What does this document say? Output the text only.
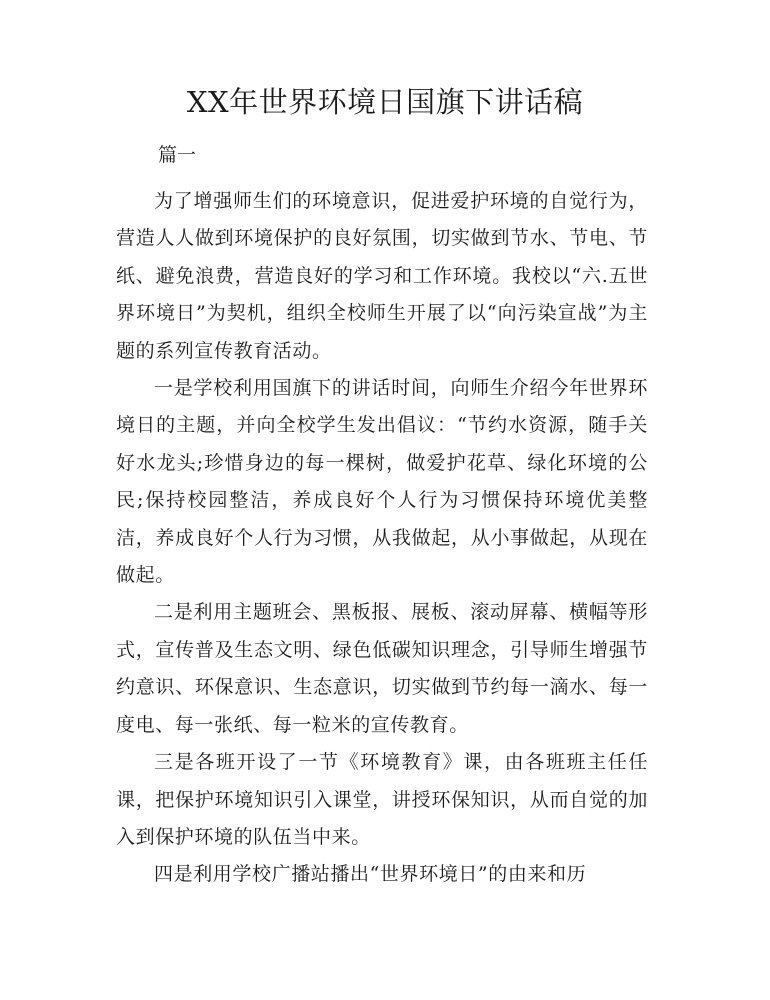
XX年世界环境日国旗下讲话稿

篇一

为了增强师生们的环境意识，促进爱护环境的自觉行为，营造人人做到环境保护的良好氛围，切实做到节水、节电、节纸、避免浪费，营造良好的学习和工作环境。我校以“六.五世界环境日”为契机，组织全校师生开展了以“向污染宣战”为主题的系列宣传教育活动。

一是学校利用国旗下的讲话时间，向师生介绍今年世界环境日的主题，并向全校学生发出倡议：“节约水资源，随手关好水龙头;珍惜身边的每一棵树，做爱护花草、绿化环境的公民;保持校园整洁，养成良好个人行为习惯保持环境优美整洁，养成良好个人行为习惯，从我做起，从小事做起，从现在做起。

二是利用主题班会、黑板报、展板、滚动屏幕、横幅等形式，宣传普及生态文明、绿色低碳知识理念，引导师生增强节约意识、环保意识、生态意识，切实做到节约每一滴水、每一度电、每一张纸、每一粒米的宣传教育。

三是各班开设了一节《环境教育》课，由各班班主任任课，把保护环境知识引入课堂，讲授环保知识，从而自觉的加入到保护环境的队伍当中来。

四是利用学校广播站播出“世界环境日”的由来和历
